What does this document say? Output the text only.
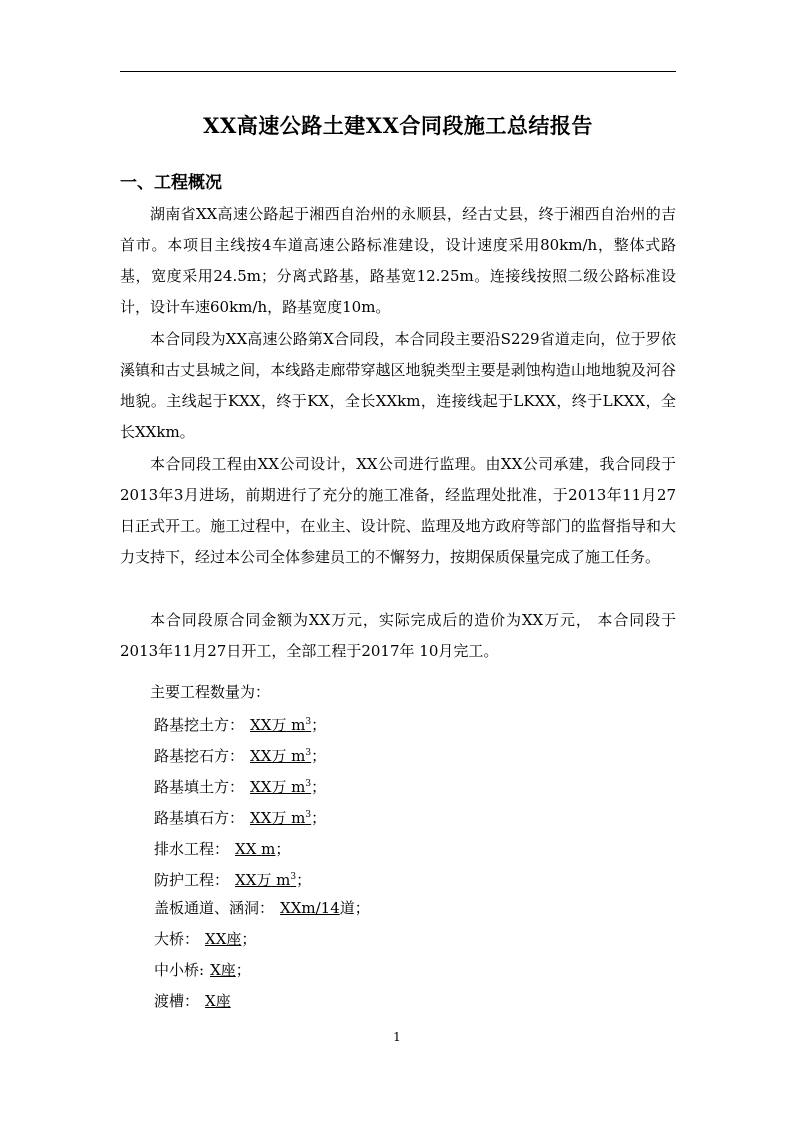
XX高速公路土建XX合同段施工总结报告
一、工程概况

湖南省XX高速公路起于湘西自治州的永顺县，经古丈县，终于湘西自治州的吉首市。本项目主线按4车道高速公路标准建设，设计速度采用80km/h，整体式路基，宽度采用24.5m；分离式路基，路基宽12.25m。连接线按照二级公路标准设计，设计车速60km/h，路基宽度10m。

本合同段为XX高速公路第X合同段，本合同段主要沿S229省道走向，位于罗依溪镇和古丈县城之间，本线路走廊带穿越区地貌类型主要是剥蚀构造山地地貌及河谷地貌。主线起于KXX，终于KX，全长XXkm，连接线起于LKXX，终于LKXX，全长XXkm。

本合同段工程由XX公司设计，XX公司进行监理。由XX公司承建，我合同段于2013年3月进场，前期进行了充分的施工准备，经监理处批准，于2013年11月27日正式开工。施工过程中，在业主、设计院、监理及地方政府等部门的监督指导和大力支持下，经过本公司全体参建员工的不懈努力，按期保质保量完成了施工任务。

本合同段原合同金额为XX万元，实际完成后的造价为XX万元， 本合同段于2013年11月27日开工，全部工程于2017年 10月完工。

主要工程数量为：
路基挖土方： XX万 $m^3$；
路基挖石方： XX万 $m^3$；
路基填土方： XX万 $m^3$；
路基填石方： XX万 $m^3$；
排水工程： XX m；
防护工程： XX万 $m^3$；
盖板通道、涵洞： XXm/14道；
大桥： XX座；
中小桥: X座；
渡槽： X座
1
